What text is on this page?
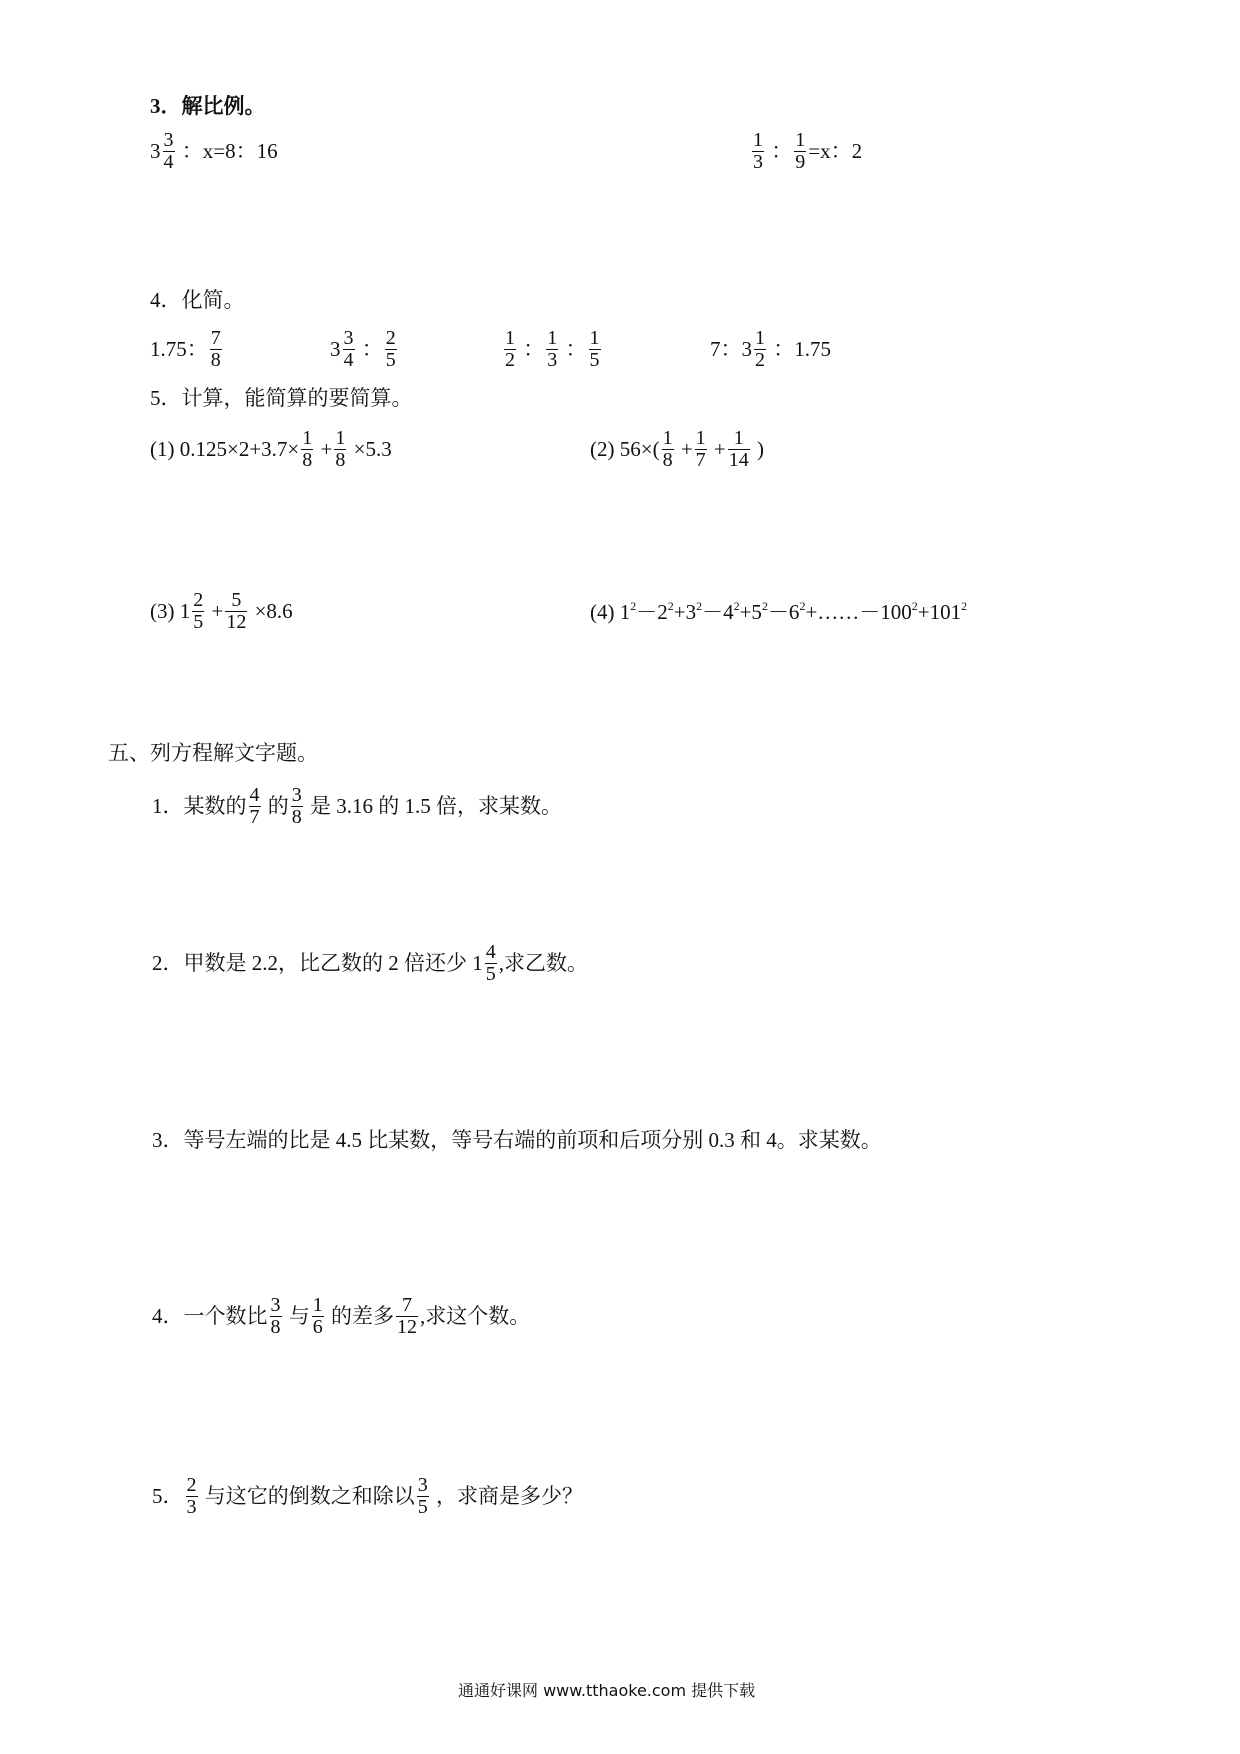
3．解比例。
$3 \frac{3}{4}$ ：x=8：16	$\frac{1}{3}$ ： $\frac{1}{9} =x$：2
4．化简。
1.75： $\frac{7}{8}$	$3 \frac{3}{4}$ ： $\frac{2}{5}$	$\frac{1}{2}$ ： $\frac{1}{3}$ ： $\frac{1}{5}$	7：$3 \frac{1}{2}$ ：1.75
5．计算，能简算的要简算。
(1) $0.125\times 2+3.7\times \frac{1}{8} + \frac{1}{8} \times 5.3$	(2) $56\times( \frac{1}{8} + \frac{1}{7} + \frac{1}{14}$ )
(3) $1 \frac{2}{5} + \frac{5}{12} \times 8.6$	(4) $1^2-2^2+3^2-4^2+5^2-6^2+\dots\dots-100^2+101^2$
五、列方程解文字题。
1．某数的 $\frac{4}{7}$ 的 $\frac{3}{8}$ 是 3.16 的 1.5 倍，求某数。
2．甲数是 2.2，比乙数的 2 倍还少 $1 \frac{4}{5}$ ,求乙数。
3．等号左端的比是 4.5 比某数，等号右端的前项和后项分别 0.3 和 4。求某数。
4．一个数比 $\frac{3}{8}$ 与 $\frac{1}{6}$ 的差多 $\frac{7}{12}$ ,求这个数。
5． $\frac{2}{3}$ 与这它的倒数之和除以 $\frac{3}{5}$ ，求商是多少？
通通好课网 www.tthaoke.com 提供下载
